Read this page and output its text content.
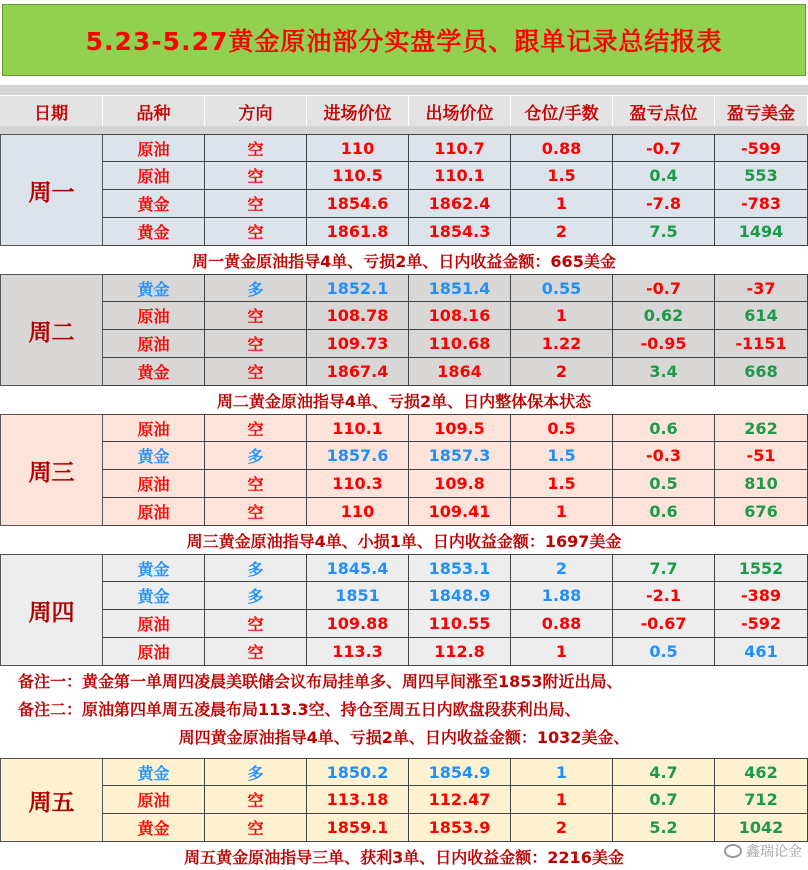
5.23-5.27黄金原油部分实盘学员、跟单记录总结报表
日期	品种	方向	进场价位	出场价位	仓位/手数	盈亏点位	盈亏美金
周一
原油	空	110	110.7	0.88	-0.7	-599
原油	空	110.5	110.1	1.5	0.4	553
黄金	空	1854.6	1862.4	1	-7.8	-783
黄金	空	1861.8	1854.3	2	7.5	1494
周一黄金原油指导4单、亏损2单、日内收益金额：665美金
周二
黄金	多	1852.1	1851.4	0.55	-0.7	-37
原油	空	108.78	108.16	1	0.62	614
原油	空	109.73	110.68	1.22	-0.95	-1151
黄金	空	1867.4	1864	2	3.4	668
周二黄金原油指导4单、亏损2单、日内整体保本状态
周三
原油	空	110.1	109.5	0.5	0.6	262
黄金	多	1857.6	1857.3	1.5	-0.3	-51
原油	空	110.3	109.8	1.5	0.5	810
原油	空	110	109.41	1	0.6	676
周三黄金原油指导4单、小损1单、日内收益金额：1697美金
周四
黄金	多	1845.4	1853.1	2	7.7	1552
黄金	多	1851	1848.9	1.88	-2.1	-389
原油	空	109.88	110.55	0.88	-0.67	-592
原油	空	113.3	112.8	1	0.5	461
备注一：黄金第一单周四凌晨美联储会议布局挂单多、周四早间涨至1853附近出局、
备注二：原油第四单周五凌晨布局113.3空、持仓至周五日内欧盘段获利出局、
周四黄金原油指导4单、亏损2单、日内收益金额：1032美金、
周五
黄金	多	1850.2	1854.9	1	4.7	462
原油	空	113.18	112.47	1	0.7	712
黄金	空	1859.1	1853.9	2	5.2	1042
周五黄金原油指导三单、获利3单、日内收益金额：2216美金	鑫瑞论金
